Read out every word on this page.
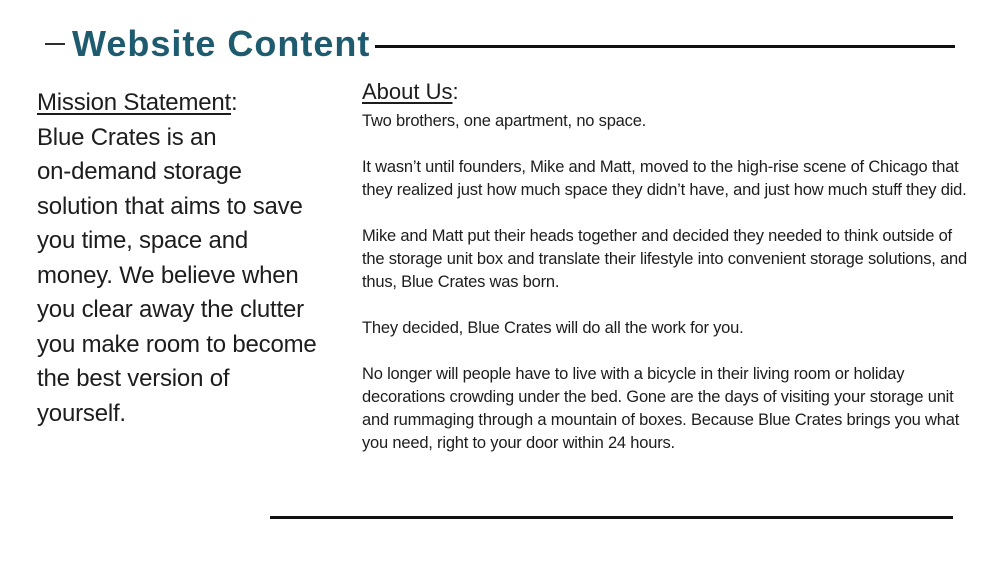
Website Content
Mission Statement:
Blue Crates is an
on-demand storage
solution that aims to save
you time, space and
money. We believe when
you clear away the clutter
you make room to become
the best version of
yourself.
About Us:

Two brothers, one apartment, no space.

It wasn’t until founders, Mike and Matt, moved to the high-rise scene of Chicago that they realized just how much space they didn’t have, and just how much stuff they did.

Mike and Matt put their heads together and decided they needed to think outside of the storage unit box and translate their lifestyle into convenient storage solutions, and thus, Blue Crates was born.

They decided, Blue Crates will do all the work for you.

No longer will people have to live with a bicycle in their living room or holiday decorations crowding under the bed. Gone are the days of visiting your storage unit and rummaging through a mountain of boxes. Because Blue Crates brings you what you need, right to your door within 24 hours.
